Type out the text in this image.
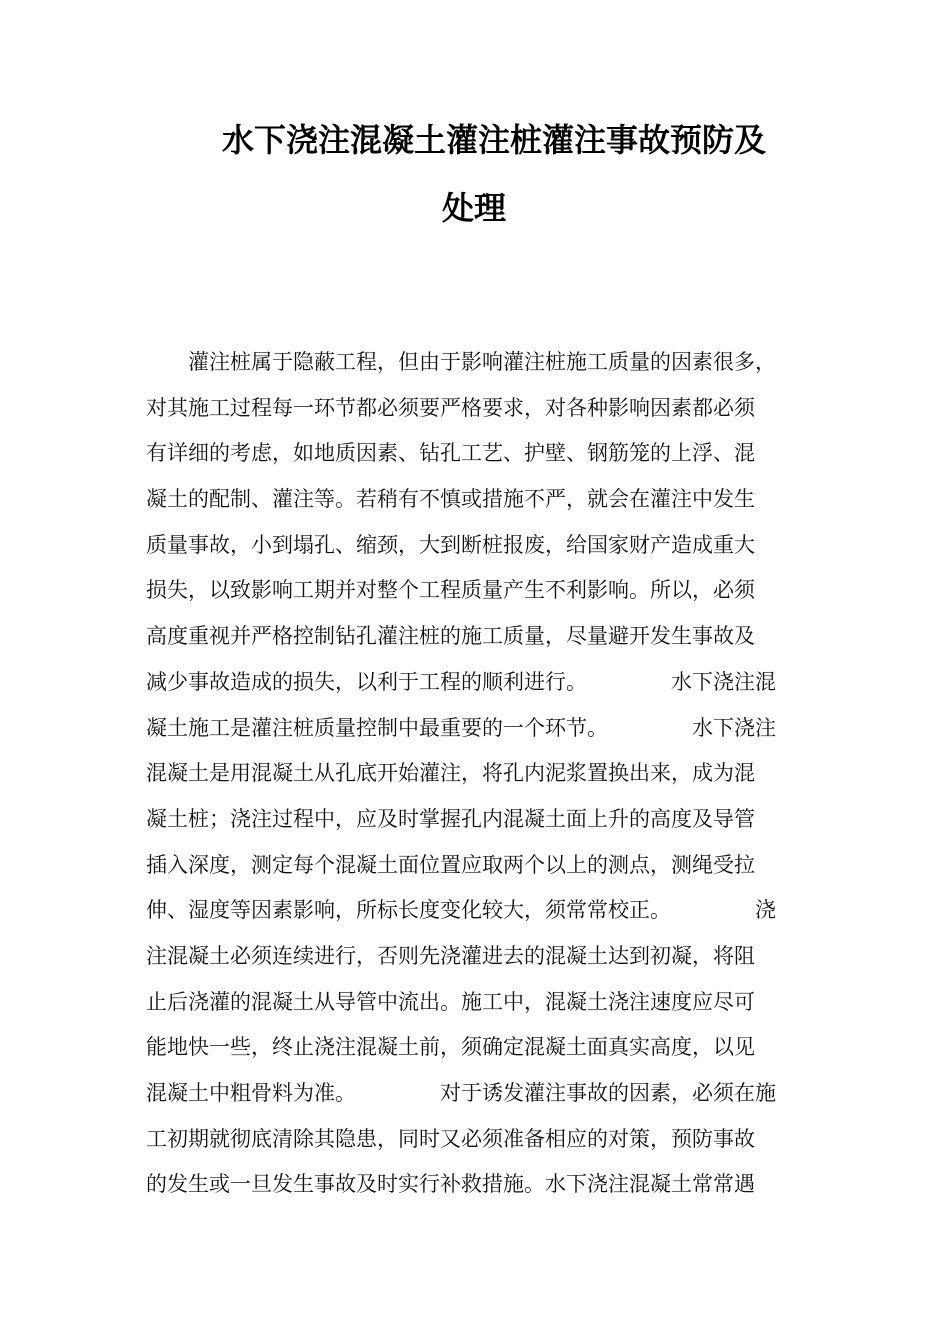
水下浇注混凝土灌注桩灌注事故预防及
处理
　　灌注桩属于隐蔽工程，但由于影响灌注桩施工质量的因素很多，
对其施工过程每一环节都必须要严格要求，对各种影响因素都必须
有详细的考虑，如地质因素、钻孔工艺、护壁、钢筋笼的上浮、混
凝土的配制、灌注等。若稍有不慎或措施不严，就会在灌注中发生
质量事故，小到塌孔、缩颈，大到断桩报废，给国家财产造成重大
损失，以致影响工期并对整个工程质量产生不利影响。所以，必须
高度重视并严格控制钻孔灌注桩的施工质量，尽量避开发生事故及
减少事故造成的损失，以利于工程的顺利进行。	水下浇注混
凝土施工是灌注桩质量控制中最重要的一个环节。	水下浇注
混凝土是用混凝土从孔底开始灌注，将孔内泥浆置换出来，成为混
凝土桩；浇注过程中，应及时掌握孔内混凝土面上升的高度及导管
插入深度，测定每个混凝土面位置应取两个以上的测点，测绳受拉
伸、湿度等因素影响，所标长度变化较大，须常常校正。	浇
注混凝土必须连续进行，否则先浇灌进去的混凝土达到初凝，将阻
止后浇灌的混凝土从导管中流出。施工中，混凝土浇注速度应尽可
能地快一些，终止浇注混凝土前，须确定混凝土面真实高度，以见
混凝土中粗骨料为准。	对于诱发灌注事故的因素，必须在施
工初期就彻底清除其隐患，同时又必须准备相应的对策，预防事故
的发生或一旦发生事故及时实行补救措施。水下浇注混凝土常常遇
